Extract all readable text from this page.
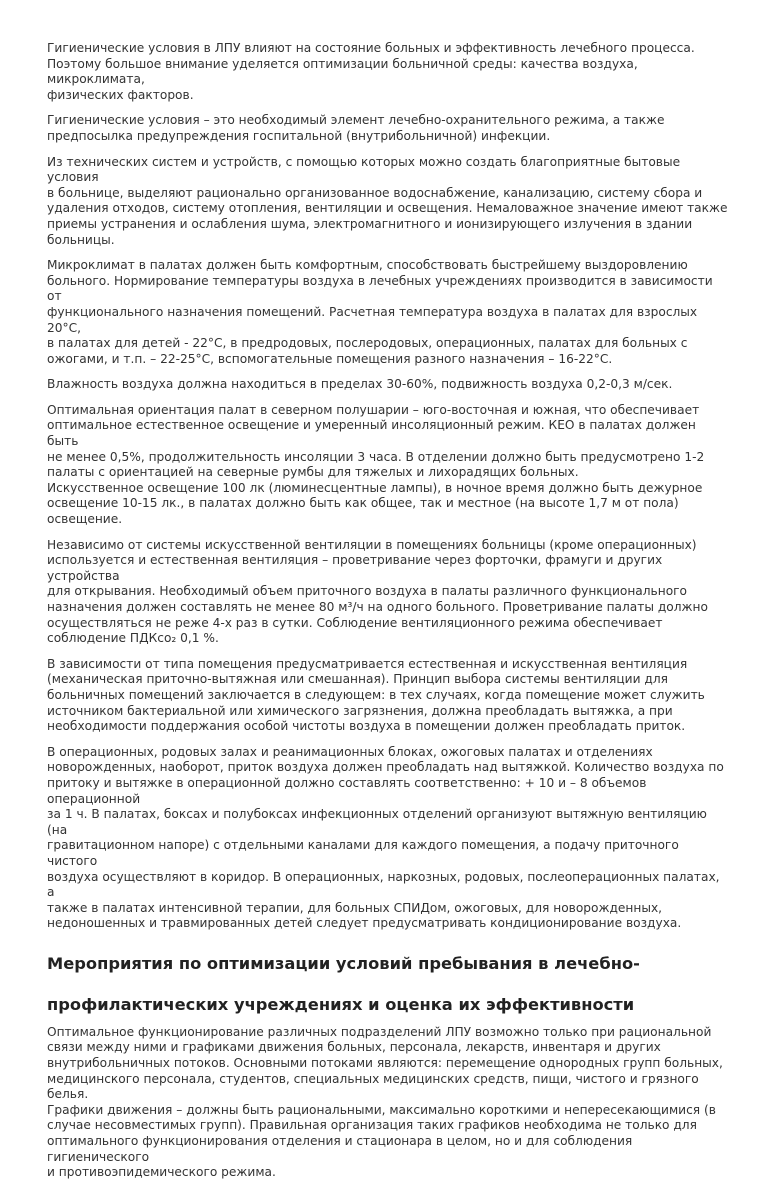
Гигиенические условия в ЛПУ влияют на состояние больных и эффективность лечебного процесса.
Поэтому большое внимание уделяется оптимизации больничной среды: качества воздуха, микроклимата,
физических факторов.

Гигиенические условия – это необходимый элемент лечебно-охранительного режима, а также
предпосылка предупреждения госпитальной (внутрибольничной) инфекции.

Из технических систем и устройств, с помощью которых можно создать благоприятные бытовые условия
в больнице, выделяют рационально организованное водоснабжение, канализацию, систему сбора и
удаления отходов, систему отопления, вентиляции и освещения. Немаловажное значение имеют также
приемы устранения и ослабления шума, электромагнитного и ионизирующего излучения в здании
больницы.

Микроклимат в палатах должен быть комфортным, способствовать быстрейшему выздоровлению
больного. Нормирование температуры воздуха в лечебных учреждениях производится в зависимости от
функционального назначения помещений. Расчетная температура воздуха в палатах для взрослых 20°С,
в палатах для детей - 22°С, в предродовых, послеродовых, операционных, палатах для больных с
ожогами, и т.п. – 22-25°С, вспомогательные помещения разного назначения – 16-22°С.

Влажность воздуха должна находиться в пределах 30-60%, подвижность воздуха 0,2-0,3 м/сек.

Оптимальная ориентация палат в северном полушарии – юго-восточная и южная, что обеспечивает
оптимальное естественное освещение и умеренный инсоляционный режим. КЕО в палатах должен быть
не менее 0,5%, продолжительность инсоляции 3 часа. В отделении должно быть предусмотрено 1-2
палаты с ориентацией на северные румбы для тяжелых и лихорадящих больных.
Искусственное освещение 100 лк (люминесцентные лампы), в ночное время должно быть дежурное
освещение 10-15 лк., в палатах должно быть как общее, так и местное (на высоте 1,7 м от пола)
освещение.

Независимо от системы искусственной вентиляции в помещениях больницы (кроме операционных)
используется и естественная вентиляция – проветривание через форточки, фрамуги и других устройства
для открывания. Необходимый объем приточного воздуха в палаты различного функционального
назначения должен составлять не менее 80 м³/ч на одного больного. Проветривание палаты должно
осуществляться не реже 4-х раз в сутки. Соблюдение вентиляционного режима обеспечивает
соблюдение ПДКсо₂ 0,1 %.

В зависимости от типа помещения предусматривается естественная и искусственная вентиляция
(механическая приточно-вытяжная или смешанная). Принцип выбора системы вентиляции для
больничных помещений заключается в следующем: в тех случаях, когда помещение может служить
источником бактериальной или химического загрязнения, должна преобладать вытяжка, а при
необходимости поддержания особой чистоты воздуха в помещении должен преобладать приток.

В операционных, родовых залах и реанимационных блоках, ожоговых палатах и отделениях
новорожденных, наоборот, приток воздуха должен преобладать над вытяжкой. Количество воздуха по
притоку и вытяжке в операционной должно составлять соответственно: + 10 и – 8 объемов операционной
за 1 ч. В палатах, боксах и полубоксах инфекционных отделений организуют вытяжную вентиляцию (на
гравитационном напоре) с отдельными каналами для каждого помещения, а подачу приточного чистого
воздуха осуществляют в коридор. В операционных, наркозных, родовых, послеоперационных палатах, а
также в палатах интенсивной терапии, для больных СПИДом, ожоговых, для новорожденных,
недоношенных и травмированных детей следует предусматривать кондиционирование воздуха.

Мероприятия по оптимизации условий пребывания в лечебно-
профилактических учреждениях и оценка их эффективности

Оптимальное функционирование различных подразделений ЛПУ возможно только при рациональной
связи между ними и графиками движения больных, персонала, лекарств, инвентаря и других
внутрибольничных потоков. Основными потоками являются: перемещение однородных групп больных,
медицинского персонала, студентов, специальных медицинских средств, пищи, чистого и грязного белья.
Графики движения – должны быть рациональными, максимально короткими и непересекающимися (в
случае несовместимых групп). Правильная организация таких графиков необходима не только для
оптимального функционирования отделения и стационара в целом, но и для соблюдения гигиенического
и противоэпидемического режима.
